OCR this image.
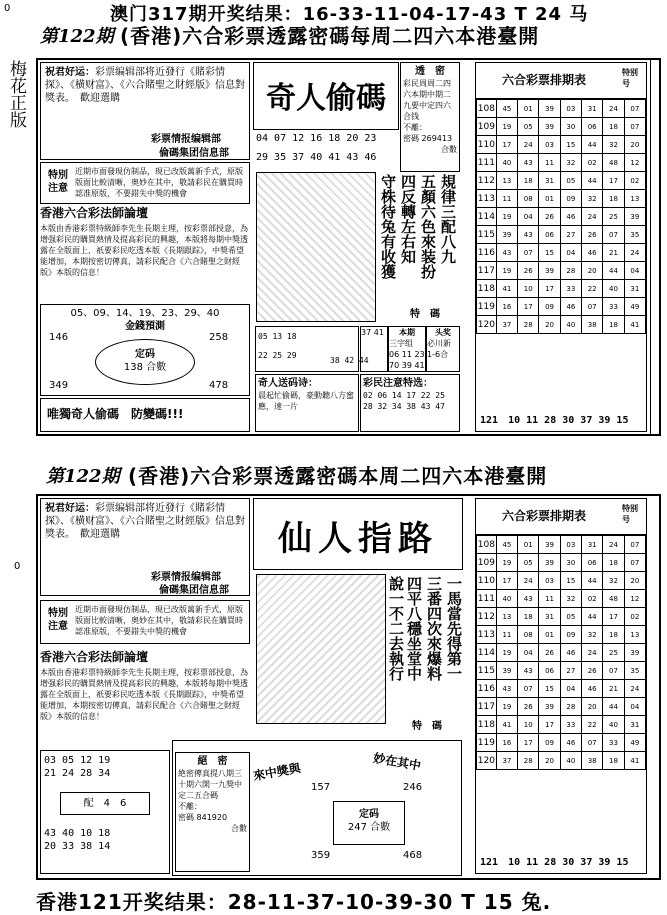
澳门317期开奖结果：16-33-11-04-17-43 T 24 马
0
0
第122期 (香港)六合彩票透露密碼每周二四六本港臺開
梅花正版	祝君好运：彩票编辑部将近發行《賭彩情探》、《横财富》、《六合賭聖之財經版》信息對獎表。　歡迎選購
彩票情报编辑部
倫碼集团信息部
特別注意
近期市面發現仿制品，現已改版萬新手式，原版版面比較清晰，奥妙在其中，敬請彩民在購買時認准原版，不要錯失中獎的機會
香港六合彩法師論壇
本版由香港彩票特級師李先生長期主理，按彩票部授意，為增强彩民的購買熱情及提高彩民的興趣，本版將每期中獎透露在全版面上，祇要彩民吃透本版《長期跟踪》，中獎希望能增加，本期按密切傳真，請彩民配合《六合賭聖之財經版》本版的信息！
05、09、14、19、23、29、40
金錢預測
146	258
349	478
定码
138 合數
唯獨奇人偷碼　防變碼!!!
奇人偷碼
透　密
彩民周周二四六本期中期二九要中定四六合钱
不離：
密碼 269413
合數
04 07 12 16 18 20 23
29 35 37 40 41 43 46
規律三配八九
五顏六色來装扮
四反轉左右知
守株待兔有收獲
特　碼
05 13 18
22 25 29
37 41
38 42 44
本期
三字组 06 11 23 70 39 41
头奖
必川新 1-6合
奇人送码诗：
晨起忙偷碼，豪動聽八方蜜應，速一片
彩民注意特选：
02 06 14 17 22 25
28 32 34 38 43 47
六合彩票排期表
特别号
108	45	01	39	03	31	24	07
109	19	05	39	30	06	18	07
110	17	24	03	15	44	32	20
111	40	43	11	32	02	48	12
112	13	18	31	05	44	17	02
113	11	08	01	09	32	18	13
114	19	04	26	46	24	25	39
115	39	43	06	27	26	07	35
116	43	07	15	04	46	21	24
117	19	26	39	28	20	44	04
118	41	10	17	33	22	40	31
119	16	17	09	46	07	33	49
120	37	28	20	40	38	18	41
121　 10 11 28 30 37 39 15
第122期 (香港)六合彩票透露密碼本周二四六本港臺開
祝君好运：彩票编辑部将近發行《賭彩情探》、《横财富》、《六合賭聖之財經版》信息對獎表。　歡迎選購
彩票情报编辑部
倫碼集团信息部
特別注意
近期市面發現仿制品，現已改版萬新手式，原版版面比較清晰，奥妙在其中，敬請彩民在購買時認准原版，不要錯失中獎的機會
香港六合彩法師論壇
本版由香港彩票特級師李先生長期主理，按彩票部授意，為增强彩民的購買熱情及提高彩民的興趣，本版將每期中獎透露在全版面上，祇要彩民吃透本版《長期跟踪》，中獎希望能增加，本期按密切傳真，請彩民配合《六合賭聖之財經版》本版的信息！
03 05 12 19
21 24 28 34
配　 4　6
43 40 10 18
20 33 38 14
仙人指路
一馬當先得第一
三番四次來爆料
四平八穩坐堂中
說一不二去執行
特　碼
來中獎與	妙在其中
157	246
359	468
定码
247 合數
絕　密
絶密傳真提八期三十期六開一九獎中定二五合碼
不離：
密碼 841920
合數
六合彩票排期表
特别号
108	45	01	39	03	31	24	07
109	19	05	39	30	06	18	07
110	17	24	03	15	44	32	20
111	40	43	11	32	02	48	12
112	13	18	31	05	44	17	02
113	11	08	01	09	32	18	13
114	19	04	26	46	24	25	39
115	39	43	06	27	26	07	35
116	43	07	15	04	46	21	24
117	19	26	39	28	20	44	04
118	41	10	17	33	22	40	31
119	16	17	09	46	07	33	49
120	37	28	20	40	38	18	41
121　 10 11 28 30 37 39 15
香港121开奖结果：28-11-37-10-39-30 T 15 兔.
